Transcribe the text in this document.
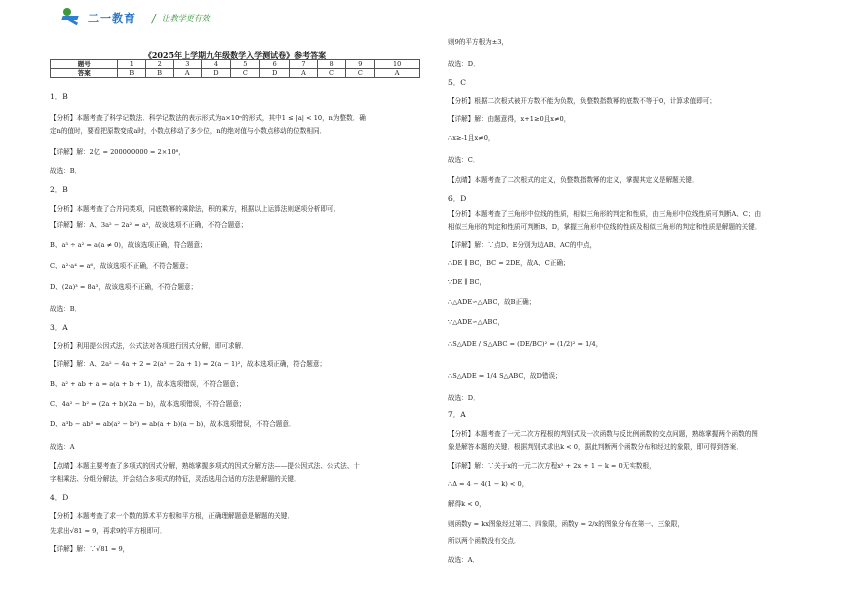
二一教育 / 让教学更有效
《2025年上学期九年级数学入学测试卷》参考答案
题号	1	2	3	4	5	6	7	8	9	10
答案	B	B	A	D	C	D	A	C	C	A
1．B
【分析】本题考查了科学记数法．科学记数法的表示形式为a×10ⁿ的形式，其中1 ≤ |a| < 10，n为整数．确
定n的值时，要看把原数变成a时，小数点移动了多少位，n的绝对值与小数点移动的位数相同．
【详解】解：2亿 = 200000000 = 2×10⁸，
故选：B．
2．B
【分析】本题考查了合并同类项，同底数幂的乘除法，积的乘方，根据以上运算法则逐项分析即可．
【详解】解：A、3a² − 2a² = a²，故该选项不正确，不符合题意；
B、a³ ÷ a² = a(a ≠ 0)，故该选项正确，符合题意；
C、a²·a⁴ = a⁶，故该选项不正确，不符合题意；
D、(2a)³ = 8a³，故该选项不正确，不符合题意；
故选：B．
3．A
【分析】利用提公因式法，公式法对各项进行因式分解，即可求解．
【详解】解：A、2a² − 4a + 2 = 2(a² − 2a + 1) = 2(a − 1)²，故本选项正确，符合题意；
B、a² + ab + a = a(a + b + 1)，故本选项错误，不符合题意；
C、4a² − b² = (2a + b)(2a − b)，故本选项错误，不符合题意；
D、a³b − ab³ = ab(a² − b²) = ab(a + b)(a − b)，故本选项错误，不符合题意．
故选：A
【点睛】本题主要考查了多项式的因式分解，熟练掌握多项式的因式分解方法——提公因式法、公式法、十
字相乘法、分组分解法，并会结合多项式的特征，灵活选用合适的方法是解题的关键．
4．D
【分析】本题考查了求一个数的算术平方根和平方根，正确理解题意是解题的关键．
先求出√81 = 9，再求9的平方根即可．
【详解】解：∵√81 = 9，
则9的平方根为±3，
故选：D．
5．C
【分析】根据二次根式被开方数不能为负数，负整数指数幂的底数不等于0，计算求值即可；
【详解】解：由题意得，x+1≥0且x≠0，
∴x≥-1且x≠0，
故选：C．
【点睛】本题考查了二次根式的定义，负整数指数幂的定义，掌握其定义是解题关键．
6．D
【分析】本题考查了三角形中位线的性质，相似三角形的判定和性质，由三角形中位线性质可判断A、C；由
相似三角形的判定和性质可判断B、D，掌握三角形中位线的性质及相似三角形的判定和性质是解题的关键．
【详解】解：∵点D、E分别为边AB、AC的中点，
∴DE ∥ BC，BC = 2DE，故A、C正确；
∵DE ∥ BC，
∴△ADE∽△ABC，故B正确；
∵△ADE∽△ABC，
∴S△ADE / S△ABC = (DE/BC)² = (1/2)² = 1/4，
∴S△ADE = 1/4 S△ABC，故D错误；
故选：D．
7．A
【分析】本题考查了一元二次方程根的判别式及一次函数与反比例函数的交点问题，熟练掌握两个函数的图
象是解答本题的关键．根据判别式求出k < 0，据此判断两个函数分布和经过的象限，即可得到答案．
【详解】解：∵关于x的一元二次方程x² + 2x + 1 − k = 0无实数根，
∴Δ = 4 − 4(1 − k) < 0，
解得k < 0，
则函数y = kx图象经过第二、四象限，函数y = 2/x的图象分布在第一、三象限，
所以两个函数没有交点．
故选：A．
